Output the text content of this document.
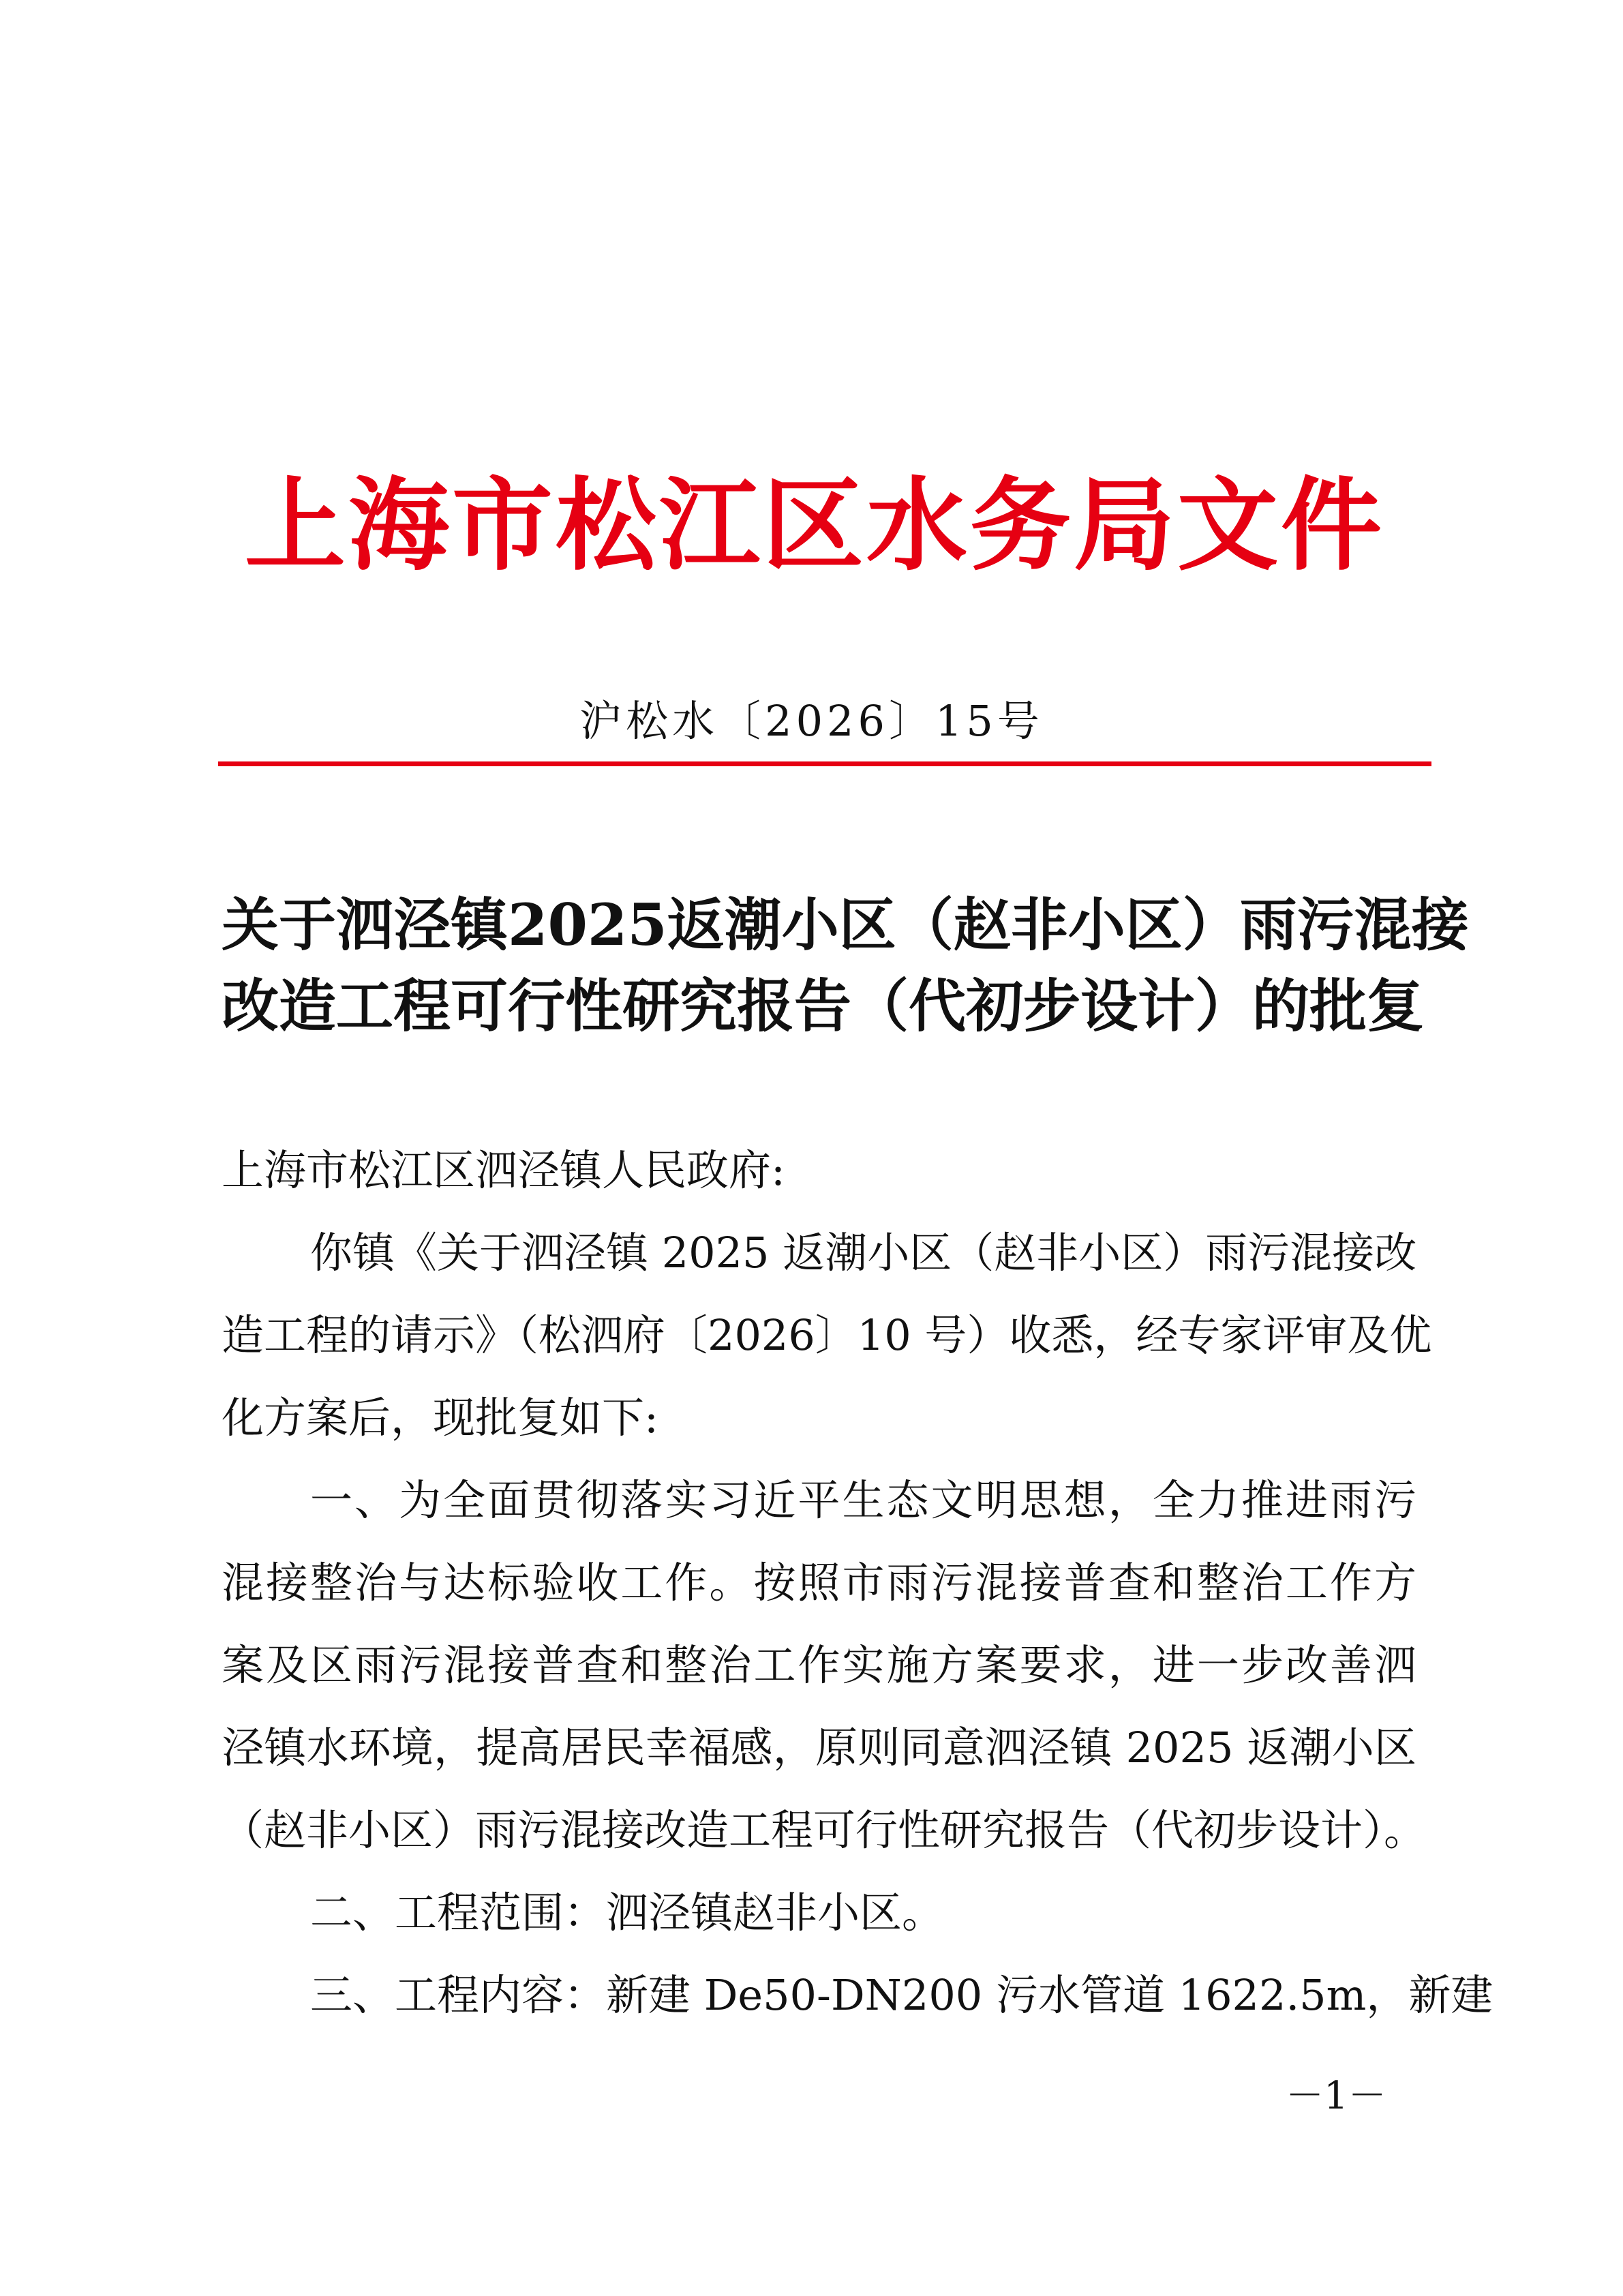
上海市松江区水务局文件
沪松水〔2026〕15号
关于泗泾镇2025返潮小区（赵非小区）雨污混接
改造工程可行性研究报告（代初步设计）的批复
上海市松江区泗泾镇人民政府:
你镇《关于泗泾镇 2025 返潮小区（赵非小区）雨污混接改
造工程的请示》（松泗府〔2026〕10 号）收悉，经专家评审及优
化方案后，现批复如下:
一、为全面贯彻落实习近平生态文明思想，全力推进雨污
混接整治与达标验收工作。按照市雨污混接普查和整治工作方
案及区雨污混接普查和整治工作实施方案要求，进一步改善泗
泾镇水环境，提高居民幸福感，原则同意泗泾镇 2025 返潮小区
（赵非小区）雨污混接改造工程可行性研究报告（代初步设计）。
二、工程范围：泗泾镇赵非小区。
三、工程内容：新建 De50-DN200 污水管道 1622.5m，新建
－1－
